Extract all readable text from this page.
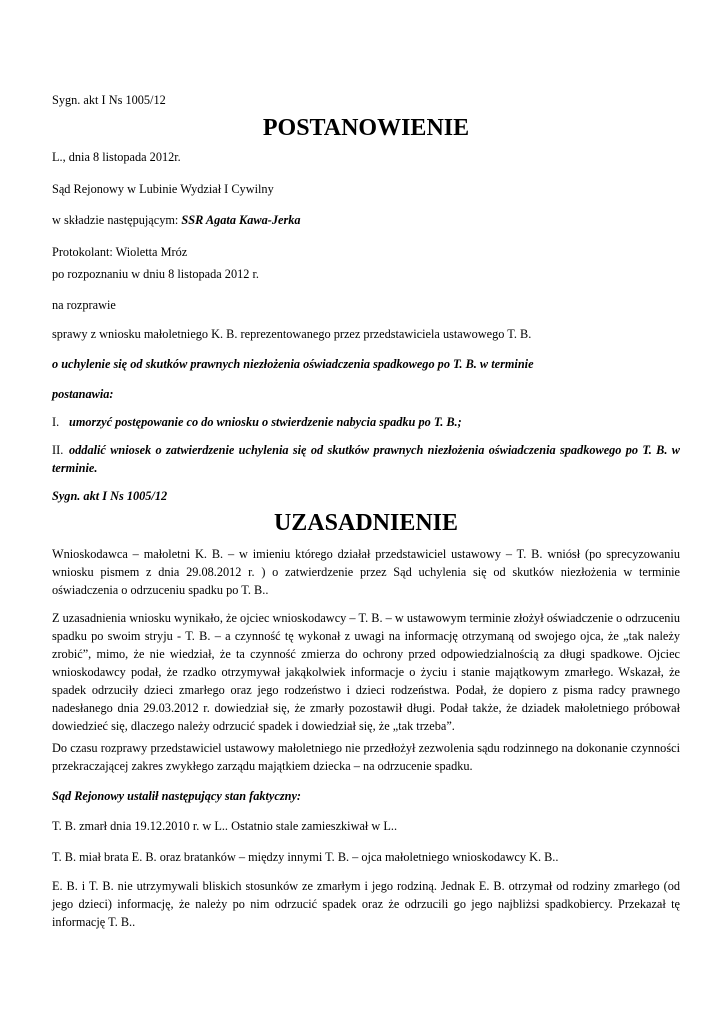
Sygn. akt I Ns 1005/12

POSTANOWIENIE

L., dnia 8 listopada 2012r.

Sąd Rejonowy w Lubinie Wydział I Cywilny

w składzie następującym: SSR Agata Kawa-Jerka

Protokolant: Wioletta Mróz

po rozpoznaniu w dniu 8 listopada 2012 r.

na rozprawie

sprawy z wniosku małoletniego K. B. reprezentowanego przez przedstawiciela ustawowego T. B.

o uchylenie się od skutków prawnych niezłożenia oświadczenia spadkowego po T. B. w terminie

postanawia:

I. umorzyć postępowanie co do wniosku o stwierdzenie nabycia spadku po T. B.;

II. oddalić wniosek o zatwierdzenie uchylenia się od skutków prawnych niezłożenia oświadczenia spadkowego po T. B. w terminie.

Sygn. akt I Ns 1005/12

UZASADNIENIE

Wnioskodawca – małoletni K. B. – w imieniu którego działał przedstawiciel ustawowy – T. B. wniósł (po sprecyzowaniu wniosku pismem z dnia 29.08.2012 r. ) o zatwierdzenie przez Sąd uchylenia się od skutków niezłożenia w terminie oświadczenia o odrzuceniu spadku po T. B..

Z uzasadnienia wniosku wynikało, że ojciec wnioskodawcy – T. B. – w ustawowym terminie złożył oświadczenie o odrzuceniu spadku po swoim stryju - T. B. – a czynność tę wykonał z uwagi na informację otrzymaną od swojego ojca, że „tak należy zrobić”, mimo, że nie wiedział, że ta czynność zmierza do ochrony przed odpowiedzialnością za długi spadkowe. Ojciec wnioskodawcy podał, że rzadko otrzymywał jakąkolwiek informacje o życiu i stanie majątkowym zmarłego. Wskazał, że spadek odrzuciły dzieci zmarłego oraz jego rodzeństwo i dzieci rodzeństwa. Podał, że dopiero z pisma radcy prawnego nadesłanego dnia 29.03.2012 r. dowiedział się, że zmarły pozostawił długi. Podał także, że dziadek małoletniego próbował dowiedzieć się, dlaczego należy odrzucić spadek i dowiedział się, że „tak trzeba”.

Do czasu rozprawy przedstawiciel ustawowy małoletniego nie przedłożył zezwolenia sądu rodzinnego na dokonanie czynności przekraczającej zakres zwykłego zarządu majątkiem dziecka – na odrzucenie spadku.

Sąd Rejonowy ustalił następujący stan faktyczny:

T. B. zmarł dnia 19.12.2010 r. w L.. Ostatnio stale zamieszkiwał w L..

T. B. miał brata E. B. oraz bratanków – między innymi T. B. – ojca małoletniego wnioskodawcy K. B..

E. B. i T. B. nie utrzymywali bliskich stosunków ze zmarłym i jego rodziną. Jednak E. B. otrzymał od rodziny zmarłego (od jego dzieci) informację, że należy po nim odrzucić spadek oraz że odrzucili go jego najbliżsi spadkobiercy. Przekazał tę informację T. B..
